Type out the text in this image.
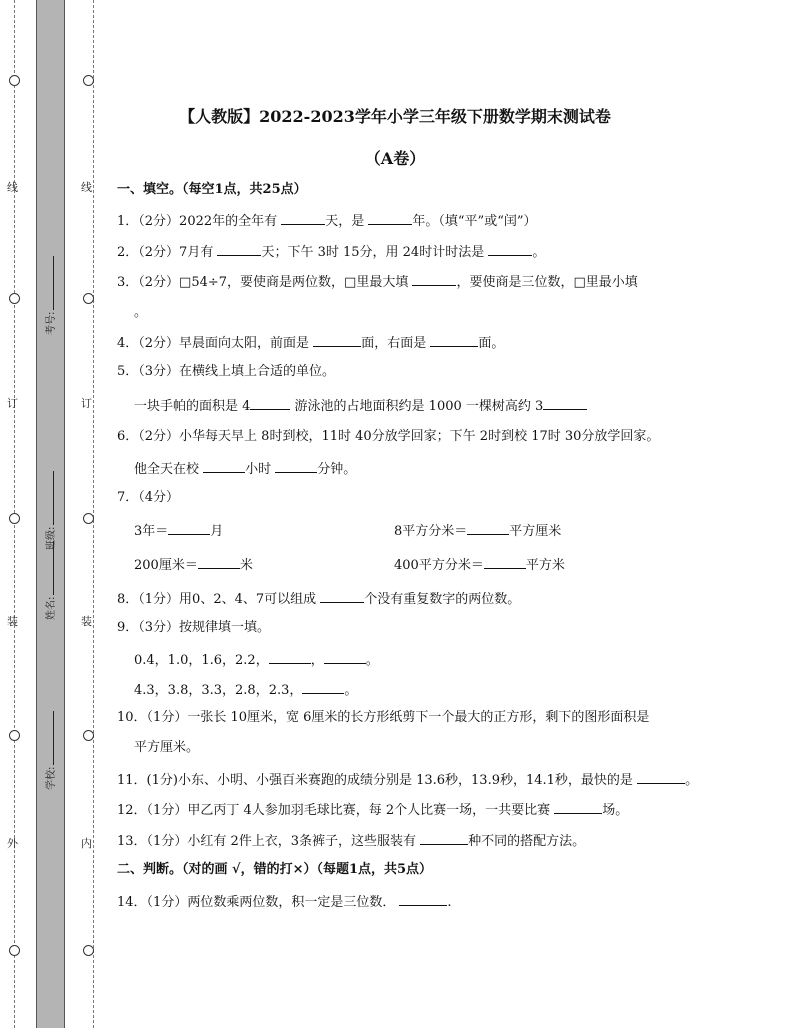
线
订
装
外
线
订
装
内
考号:
班级:
姓名:
学校:
【人教版】2022-2023学年小学三年级下册数学期末测试卷
（A卷）
一、填空。（每空1点，共25点）
1．（2分）2022年的全年有	天，是	年。（填“平”或“闰”）
2．（2分）7月有	天；下午 3时 15分，用 24时计时法是	。
3．（2分）□54÷7，要使商是两位数，□里最大填	，要使商是三位数，□里最小填
。
4．（2分）早晨面向太阳，前面是	面，右面是	面。
5．（3分）在横线上填上合适的单位。
一块手帕的面积是 4	游泳池的占地面积约是 1000 一棵树高约 3
6．（2分）小华每天早上 8时到校，11时 40分放学回家；下午 2时到校 17时 30分放学回家。
他全天在校	小时	分钟。
7．（4分）
3年＝	月	8平方分米＝	平方厘米
200厘米＝	米	400平方分米＝	平方米
8．（1分）用0、2、4、7可以组成	个没有重复数字的两位数。
9．（3分）按规律填一填。
0.4，1.0，1.6，2.2，	，	。
4.3，3.8，3.3，2.8，2.3，	。
10．（1分）一张长 10厘米，宽 6厘米的长方形纸剪下一个最大的正方形，剩下的图形面积是
平方厘米。
11．(1分)小东、小明、小强百米赛跑的成绩分别是 13.6秒，13.9秒，14.1秒，最快的是	。
12．（1分）甲乙丙丁 4人参加羽毛球比赛，每 2个人比赛一场，一共要比赛	场。
13．（1分）小红有 2件上衣，3条裤子，这些服装有	种不同的搭配方法。
二、判断。（对的画 √，错的打×）（每题1点，共5点）
14．（1分）两位数乘两位数，积一定是三位数．	.
